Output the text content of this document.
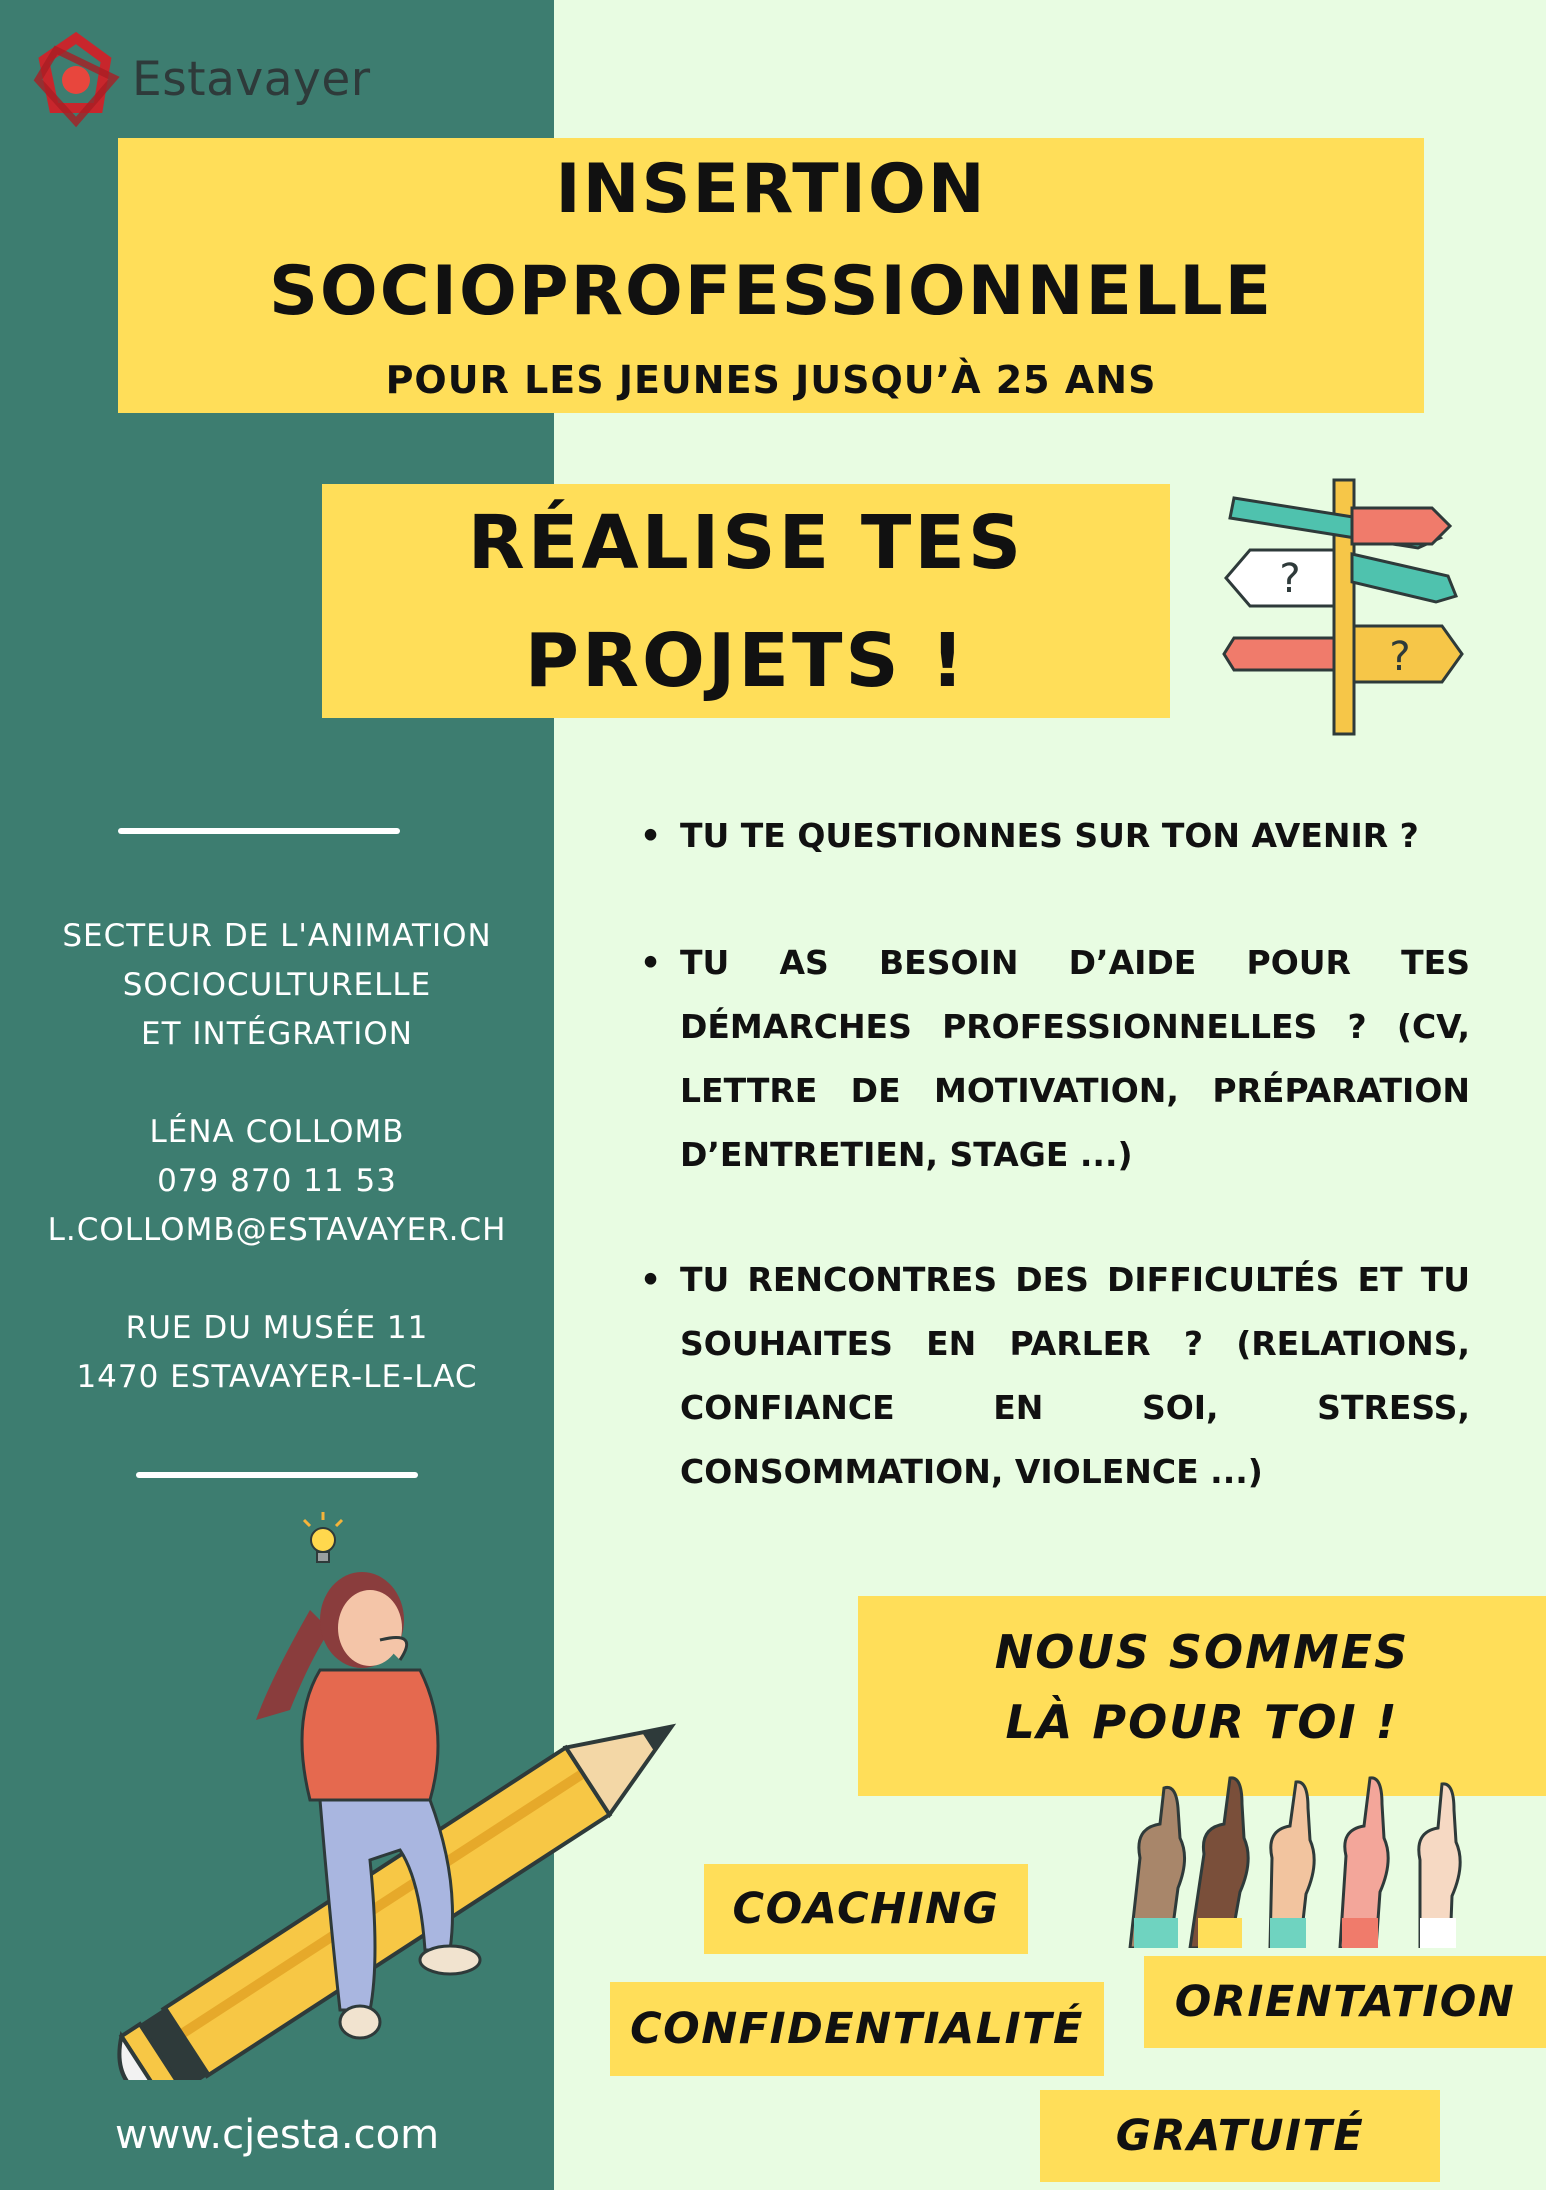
Estavayer
INSERTION
SOCIOPROFESSIONNELLE
POUR LES JEUNES JUSQU’À 25 ANS
RÉALISE TES
PROJETS !
?
?
SECTEUR DE L'ANIMATION
SOCIOCULTURELLE
ET INTÉGRATION
LÉNA COLLOMB
079 870 11 53
L.COLLOMB@ESTAVAYER.CH
RUE DU MUSÉE 11
1470 ESTAVAYER-LE-LAC
• TU TE QUESTIONNES SUR TON AVENIR ?
• TU AS BESOIN D’AIDE POUR TES DÉMARCHES PROFESSIONNELLES ? (CV, LETTRE DE MOTIVATION, PRÉPARATION D’ENTRETIEN, STAGE ...)
• TU RENCONTRES DES DIFFICULTÉS ET TU SOUHAITES EN PARLER ? (RELATIONS, CONFIANCE EN SOI, STRESS, CONSOMMATION, VIOLENCE ...)
NOUS SOMMES
LÀ POUR TOI !
COACHING
ORIENTATION
CONFIDENTIALITÉ
GRATUITÉ
www.cjesta.com
